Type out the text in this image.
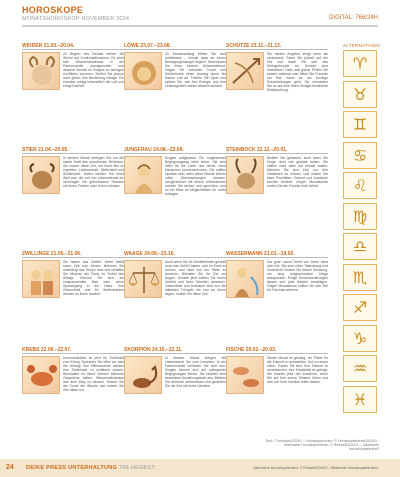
HOROSKOPE
MONATSHOROSKOP NOVEMBER 2024	DIGITAL: 766/24H
WIDDER 21.03.–20.04.
Zu Beginn des Monats stehen die Sterne auf Konfrontationskurs. Es lohnt sich Missverständnisse in der Partnerschaft anzusprechen und dadurch konnte es Sorglos zu neuegen Konflikten kommen. Stellen Sie jedoch nicht gleich Ihre Beziehung infrage. Ein Gewitter reinigt bekanntlich die Luft und bringt Klarheit.
LÖWE 23.07.–23.08.
Zu Monatsanfang fühlen Sie sich antriebslos – könnte dass an einem Bewegungsmangel liegen? Überwinden Sie Ihren inneren Schweinehund. Gegen Sie zwischen Couch und Kühlschrank einen Umweg durch die frische Luft an. Treiben Sie Sport und spüren Sie, wie Ihre Energie und Ihre Lebensgeister wieder aktiviert werden.
SCHÜTZE 23.11.–21.12.
Sie neiden Angebot klingt mehr als verlockend. Seien Sie jedoch auf der Hut und lesen Sie sich das Kleingedruckte an. Scheint eine Investition? Geld, was glänzt. Prüfen Sie besser zweimal oder bitten Sie Freunde um Rat, wenn es um wichtige Entscheidungen geht. Sie vermeiden Sie so auf eine Ihrem Budget bestimmte Enttäuschung.
STIER 21.04.–20.05.
In diesem Monat verfügen Sie nur die starke Kraft des kosmischen Reichtum. Sie nutzen diese Zeit, um Ihren Mut zu ergreifen: Leidenschaft, Zärtlichkeit und Sinnlichkeit. Daten stehlen Sie einer Welt aus, die voll von Lebensfreude ist. Verbringen Sie gemeinsame Stunden mit Ihrem Partner oder Ihren Liebsten.
JUNGFRAU 24.08.–23.09.
Singles aufgepasst: Ein sogenannter Begegnungstag steht bevor. Sie sind offen für die Liebe und bereit, neue Menschen kennenzulernen. Sie sollten spontan sein, denn diese Woche könnte voller Überraschungen stecken. Ausgerechnet mit einem Unbekannten werden Sie lachen und genießen, und so ein Meer an Möglichkeiten für Liebe erlangen.
STEINBOCK 22.12.–20.01.
Bleiben Sie gelassen, auch wenn Sie Dinge nicht wie geplant laufen. Sie sollten nicht alles auf einmal wollen. Nehmen Sie sich Zeit, um Ihre Gedanken zu ordnen, und setzen Sie klare Prioritäten. Geduld und Ausdauer werden belohnt. Gegen Monatsende ernten Sie die Früchte Ihrer Arbeit.
ZWILLINGE 21.05.–21.06.
Sie haben das Gefühl, Ihnen bleibt kaum Zeit zum Atmen. Nehmen Sie unbedingt das Tempo raus und schaffen Sie Nischen der Ruhe im Trubel des Alltags. Gönnen Sie sich ein entspannendes Bad oder einen Spaziergang in der Natur. Ihre Gesundheit und Ihr Seelenfrieden werden es Ihnen danken.
WAAGE 24.09.–23.10.
Auch wenn Sie Ihr Wohlbefinden gerade noch das Gefühl haben, sich im Kreis zu drehen, und nicht von der Stelle zu kommen: Behalten Sie Ihr Ziel vor Augen. Gerade jetzt sollten Sie Ihrem Umfeld und Ihren Talenten vertrauen. Gesundheit und Ausdauer sind nun die stärksten Trümpfe, die nun vor Ihnen liegen, nutzen Sie diese Zeit.
WASSERMANN 21.01.–19.02.
Der gute Laune-Trend von Ihnen setzt sich fort. Sie sind voller Tatendrang und Zuversicht. Nutzen Sie diesen Schwung, um lang aufgeschobene Dinge anzupacken. Einige Herausforderungen lassen sich jetzt leichter bewältigen. Gegen Monatsende sollten Sie sich Zeit für Freunde nehmen.
KREBS 22.06.–22.07.
Kommunikation ist jetzt Ihr Schlüssel zum Erfolg. Sprechen Sie offen an, was Sie bewegt. Ihre Mitmenschen werden Ihre Ehrlichkeit zu schätzen wissen. Besonders im Beruf können klärende Gespräche helfen, Missverständnisse aus dem Weg zu räumen. Nutzen Sie die Gunst der Stunde und setzen Sie Ihre Ideen um.
SKORPION 24.10.–22.11.
In diesem Monat bringen die Liebessterne Sie zum Leuchten. In der Partnerschaft verlieben Sie sich neu. Singles können sich auf aufregende Begegnungen freuen. Sie strahlen eine besondere Anziehungskraft aus. Bleiben Sie dennoch aufmerksam und genießen Sie die Zeit mit Ihren Liebsten.
FISCHE 20.02.–20.03.
Dieser Monat ist günstig, um Pläne für die Zukunft zu schmieden. Auf zu neuen Ufern: Trauen Sie sich, Ihre Träume zu verwirklichen. Ihre Kreativität ist gefragt. Sie können jetzt viel erreichen, wenn Sie auf Ihre innere Stimme hören und sich von Ihrer Intuition leiten lassen.
ALTERNATIVEN
♈
♉
♊
♋
♌
♍
♎
♏
♐
♑
♒
♓
Text: © Infostars/2024/1 · Horoskopzeichen: © Horoskoptierkreis/2024/3 · Alternative Horoskopzeichen: © Rohwell/2024/3 — Bildrechte Horoskoptierkreis/4
24 DEIKE PRESS UNTERHALTUNG 766 HERBST	Alternative Horoskopzeichen: © Rohwell/2024/3 – Bildrechte Horoskoptierkreis/4
